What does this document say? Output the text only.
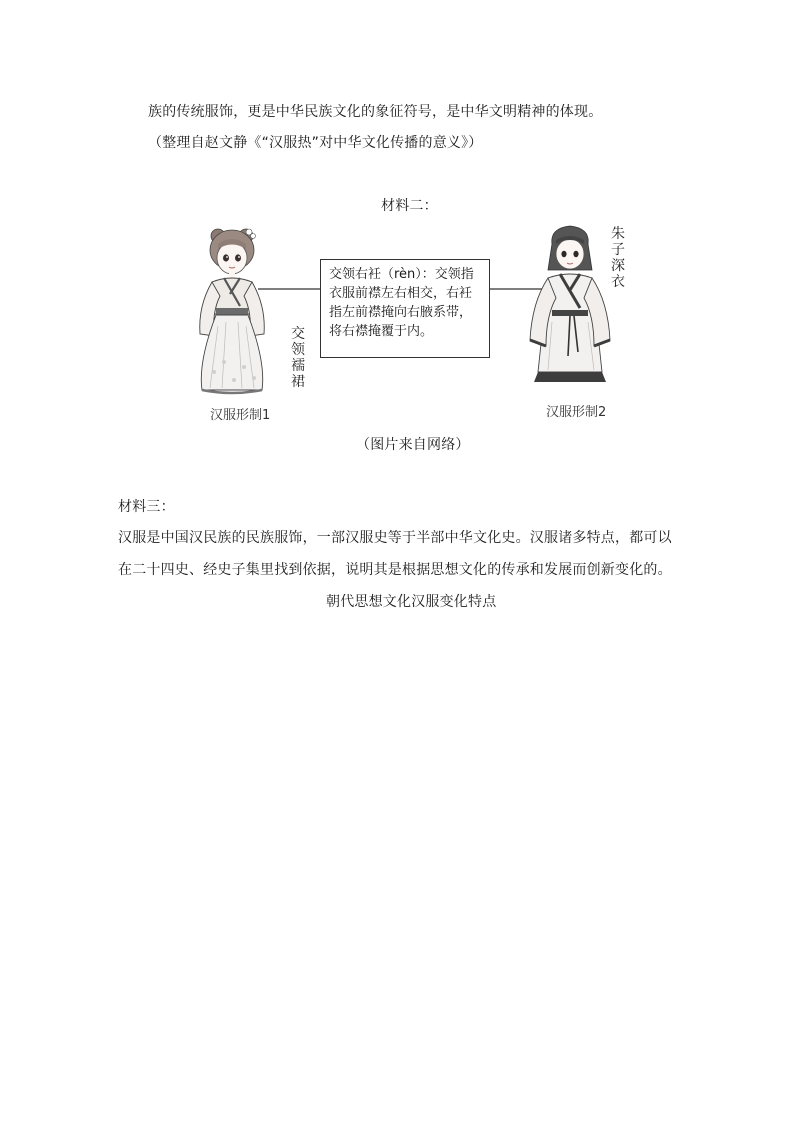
族的传统服饰，更是中华民族文化的象征符号，是中华文明精神的体现。
（整理自赵文静《“汉服热”对中华文化传播的意义》）
材料二：
交领右衽（rèn）：交领指衣服前襟左右相交，右衽指左前襟掩向右腋系带，将右襟掩覆于内。
交
领
襦
裙
朱
子
深
衣
汉服形制1	汉服形制2
（图片来自网络）
材料三：
汉服是中国汉民族的民族服饰，一部汉服史等于半部中华文化史。汉服诸多特点，都可以
在二十四史、经史子集里找到依据，说明其是根据思想文化的传承和发展而创新变化的。
朝代思想文化汉服变化特点
